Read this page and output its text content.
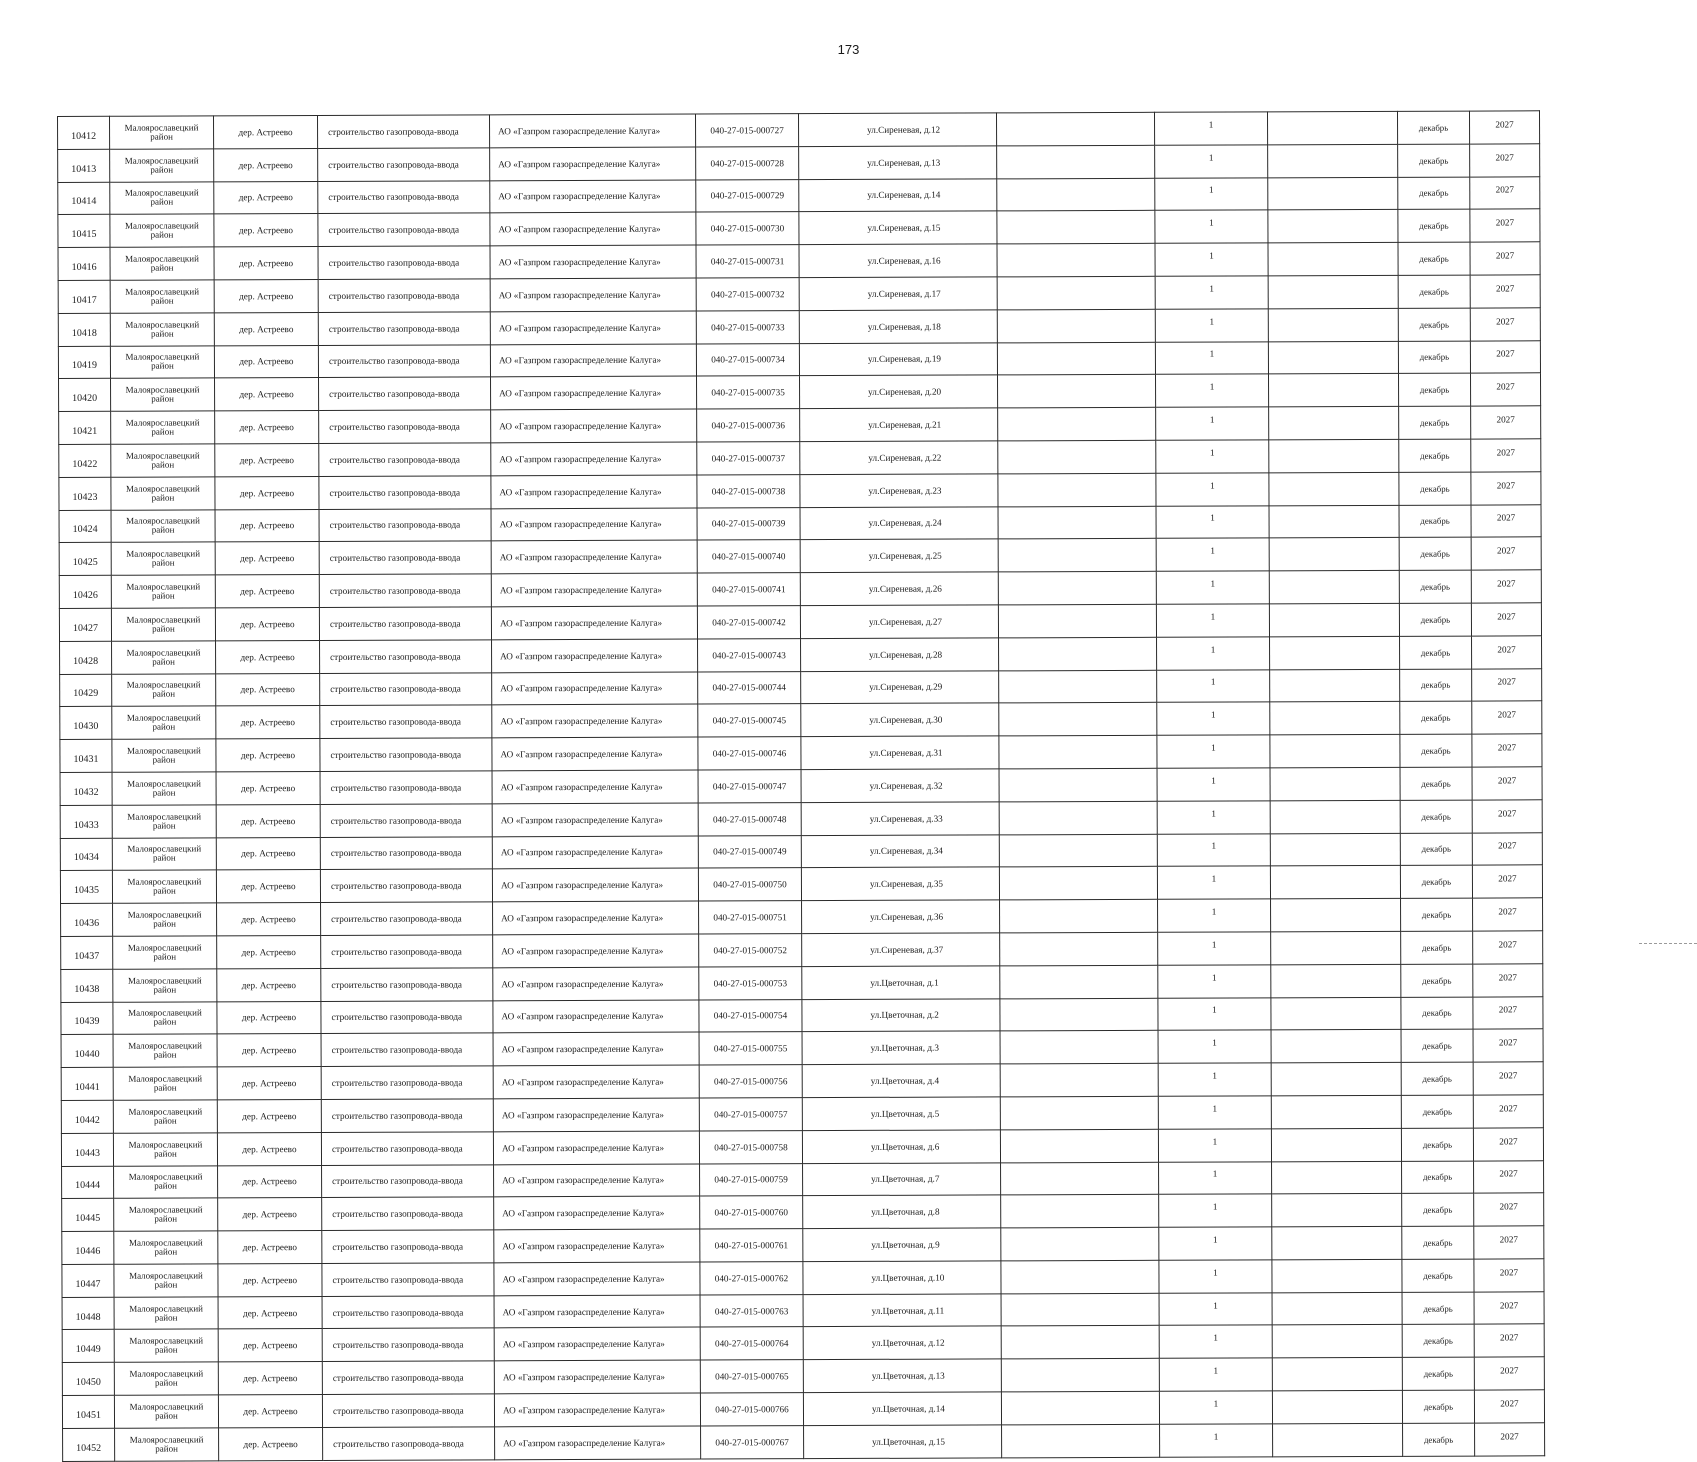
173
10412	Малоярославецкий район	дер. Астреево	строительство газопровода-ввода	АО «Газпром газораспределение Калуга»	040-27-015-000727	ул.Сиреневая, д.12		1		декабрь	2027
10413	Малоярославецкий район	дер. Астреево	строительство газопровода-ввода	АО «Газпром газораспределение Калуга»	040-27-015-000728	ул.Сиреневая, д.13		1		декабрь	2027
10414	Малоярославецкий район	дер. Астреево	строительство газопровода-ввода	АО «Газпром газораспределение Калуга»	040-27-015-000729	ул.Сиреневая, д.14		1		декабрь	2027
10415	Малоярославецкий район	дер. Астреево	строительство газопровода-ввода	АО «Газпром газораспределение Калуга»	040-27-015-000730	ул.Сиреневая, д.15		1		декабрь	2027
10416	Малоярославецкий район	дер. Астреево	строительство газопровода-ввода	АО «Газпром газораспределение Калуга»	040-27-015-000731	ул.Сиреневая, д.16		1		декабрь	2027
10417	Малоярославецкий район	дер. Астреево	строительство газопровода-ввода	АО «Газпром газораспределение Калуга»	040-27-015-000732	ул.Сиреневая, д.17		1		декабрь	2027
10418	Малоярославецкий район	дер. Астреево	строительство газопровода-ввода	АО «Газпром газораспределение Калуга»	040-27-015-000733	ул.Сиреневая, д.18		1		декабрь	2027
10419	Малоярославецкий район	дер. Астреево	строительство газопровода-ввода	АО «Газпром газораспределение Калуга»	040-27-015-000734	ул.Сиреневая, д.19		1		декабрь	2027
10420	Малоярославецкий район	дер. Астреево	строительство газопровода-ввода	АО «Газпром газораспределение Калуга»	040-27-015-000735	ул.Сиреневая, д.20		1		декабрь	2027
10421	Малоярославецкий район	дер. Астреево	строительство газопровода-ввода	АО «Газпром газораспределение Калуга»	040-27-015-000736	ул.Сиреневая, д.21		1		декабрь	2027
10422	Малоярославецкий район	дер. Астреево	строительство газопровода-ввода	АО «Газпром газораспределение Калуга»	040-27-015-000737	ул.Сиреневая, д.22		1		декабрь	2027
10423	Малоярославецкий район	дер. Астреево	строительство газопровода-ввода	АО «Газпром газораспределение Калуга»	040-27-015-000738	ул.Сиреневая, д.23		1		декабрь	2027
10424	Малоярославецкий район	дер. Астреево	строительство газопровода-ввода	АО «Газпром газораспределение Калуга»	040-27-015-000739	ул.Сиреневая, д.24		1		декабрь	2027
10425	Малоярославецкий район	дер. Астреево	строительство газопровода-ввода	АО «Газпром газораспределение Калуга»	040-27-015-000740	ул.Сиреневая, д.25		1		декабрь	2027
10426	Малоярославецкий район	дер. Астреево	строительство газопровода-ввода	АО «Газпром газораспределение Калуга»	040-27-015-000741	ул.Сиреневая, д.26		1		декабрь	2027
10427	Малоярославецкий район	дер. Астреево	строительство газопровода-ввода	АО «Газпром газораспределение Калуга»	040-27-015-000742	ул.Сиреневая, д.27		1		декабрь	2027
10428	Малоярославецкий район	дер. Астреево	строительство газопровода-ввода	АО «Газпром газораспределение Калуга»	040-27-015-000743	ул.Сиреневая, д.28		1		декабрь	2027
10429	Малоярославецкий район	дер. Астреево	строительство газопровода-ввода	АО «Газпром газораспределение Калуга»	040-27-015-000744	ул.Сиреневая, д.29		1		декабрь	2027
10430	Малоярославецкий район	дер. Астреево	строительство газопровода-ввода	АО «Газпром газораспределение Калуга»	040-27-015-000745	ул.Сиреневая, д.30		1		декабрь	2027
10431	Малоярославецкий район	дер. Астреево	строительство газопровода-ввода	АО «Газпром газораспределение Калуга»	040-27-015-000746	ул.Сиреневая, д.31		1		декабрь	2027
10432	Малоярославецкий район	дер. Астреево	строительство газопровода-ввода	АО «Газпром газораспределение Калуга»	040-27-015-000747	ул.Сиреневая, д.32		1		декабрь	2027
10433	Малоярославецкий район	дер. Астреево	строительство газопровода-ввода	АО «Газпром газораспределение Калуга»	040-27-015-000748	ул.Сиреневая, д.33		1		декабрь	2027
10434	Малоярославецкий район	дер. Астреево	строительство газопровода-ввода	АО «Газпром газораспределение Калуга»	040-27-015-000749	ул.Сиреневая, д.34		1		декабрь	2027
10435	Малоярославецкий район	дер. Астреево	строительство газопровода-ввода	АО «Газпром газораспределение Калуга»	040-27-015-000750	ул.Сиреневая, д.35		1		декабрь	2027
10436	Малоярославецкий район	дер. Астреево	строительство газопровода-ввода	АО «Газпром газораспределение Калуга»	040-27-015-000751	ул.Сиреневая, д.36		1		декабрь	2027
10437	Малоярославецкий район	дер. Астреево	строительство газопровода-ввода	АО «Газпром газораспределение Калуга»	040-27-015-000752	ул.Сиреневая, д.37		1		декабрь	2027
10438	Малоярославецкий район	дер. Астреево	строительство газопровода-ввода	АО «Газпром газораспределение Калуга»	040-27-015-000753	ул.Цветочная, д.1		1		декабрь	2027
10439	Малоярославецкий район	дер. Астреево	строительство газопровода-ввода	АО «Газпром газораспределение Калуга»	040-27-015-000754	ул.Цветочная, д.2		1		декабрь	2027
10440	Малоярославецкий район	дер. Астреево	строительство газопровода-ввода	АО «Газпром газораспределение Калуга»	040-27-015-000755	ул.Цветочная, д.3		1		декабрь	2027
10441	Малоярославецкий район	дер. Астреево	строительство газопровода-ввода	АО «Газпром газораспределение Калуга»	040-27-015-000756	ул.Цветочная, д.4		1		декабрь	2027
10442	Малоярославецкий район	дер. Астреево	строительство газопровода-ввода	АО «Газпром газораспределение Калуга»	040-27-015-000757	ул.Цветочная, д.5		1		декабрь	2027
10443	Малоярославецкий район	дер. Астреево	строительство газопровода-ввода	АО «Газпром газораспределение Калуга»	040-27-015-000758	ул.Цветочная, д.6		1		декабрь	2027
10444	Малоярославецкий район	дер. Астреево	строительство газопровода-ввода	АО «Газпром газораспределение Калуга»	040-27-015-000759	ул.Цветочная, д.7		1		декабрь	2027
10445	Малоярославецкий район	дер. Астреево	строительство газопровода-ввода	АО «Газпром газораспределение Калуга»	040-27-015-000760	ул.Цветочная, д.8		1		декабрь	2027
10446	Малоярославецкий район	дер. Астреево	строительство газопровода-ввода	АО «Газпром газораспределение Калуга»	040-27-015-000761	ул.Цветочная, д.9		1		декабрь	2027
10447	Малоярославецкий район	дер. Астреево	строительство газопровода-ввода	АО «Газпром газораспределение Калуга»	040-27-015-000762	ул.Цветочная, д.10		1		декабрь	2027
10448	Малоярославецкий район	дер. Астреево	строительство газопровода-ввода	АО «Газпром газораспределение Калуга»	040-27-015-000763	ул.Цветочная, д.11		1		декабрь	2027
10449	Малоярославецкий район	дер. Астреево	строительство газопровода-ввода	АО «Газпром газораспределение Калуга»	040-27-015-000764	ул.Цветочная, д.12		1		декабрь	2027
10450	Малоярославецкий район	дер. Астреево	строительство газопровода-ввода	АО «Газпром газораспределение Калуга»	040-27-015-000765	ул.Цветочная, д.13		1		декабрь	2027
10451	Малоярославецкий район	дер. Астреево	строительство газопровода-ввода	АО «Газпром газораспределение Калуга»	040-27-015-000766	ул.Цветочная, д.14		1		декабрь	2027
10452	Малоярославецкий район	дер. Астреево	строительство газопровода-ввода	АО «Газпром газораспределение Калуга»	040-27-015-000767	ул.Цветочная, д.15		1		декабрь	2027
